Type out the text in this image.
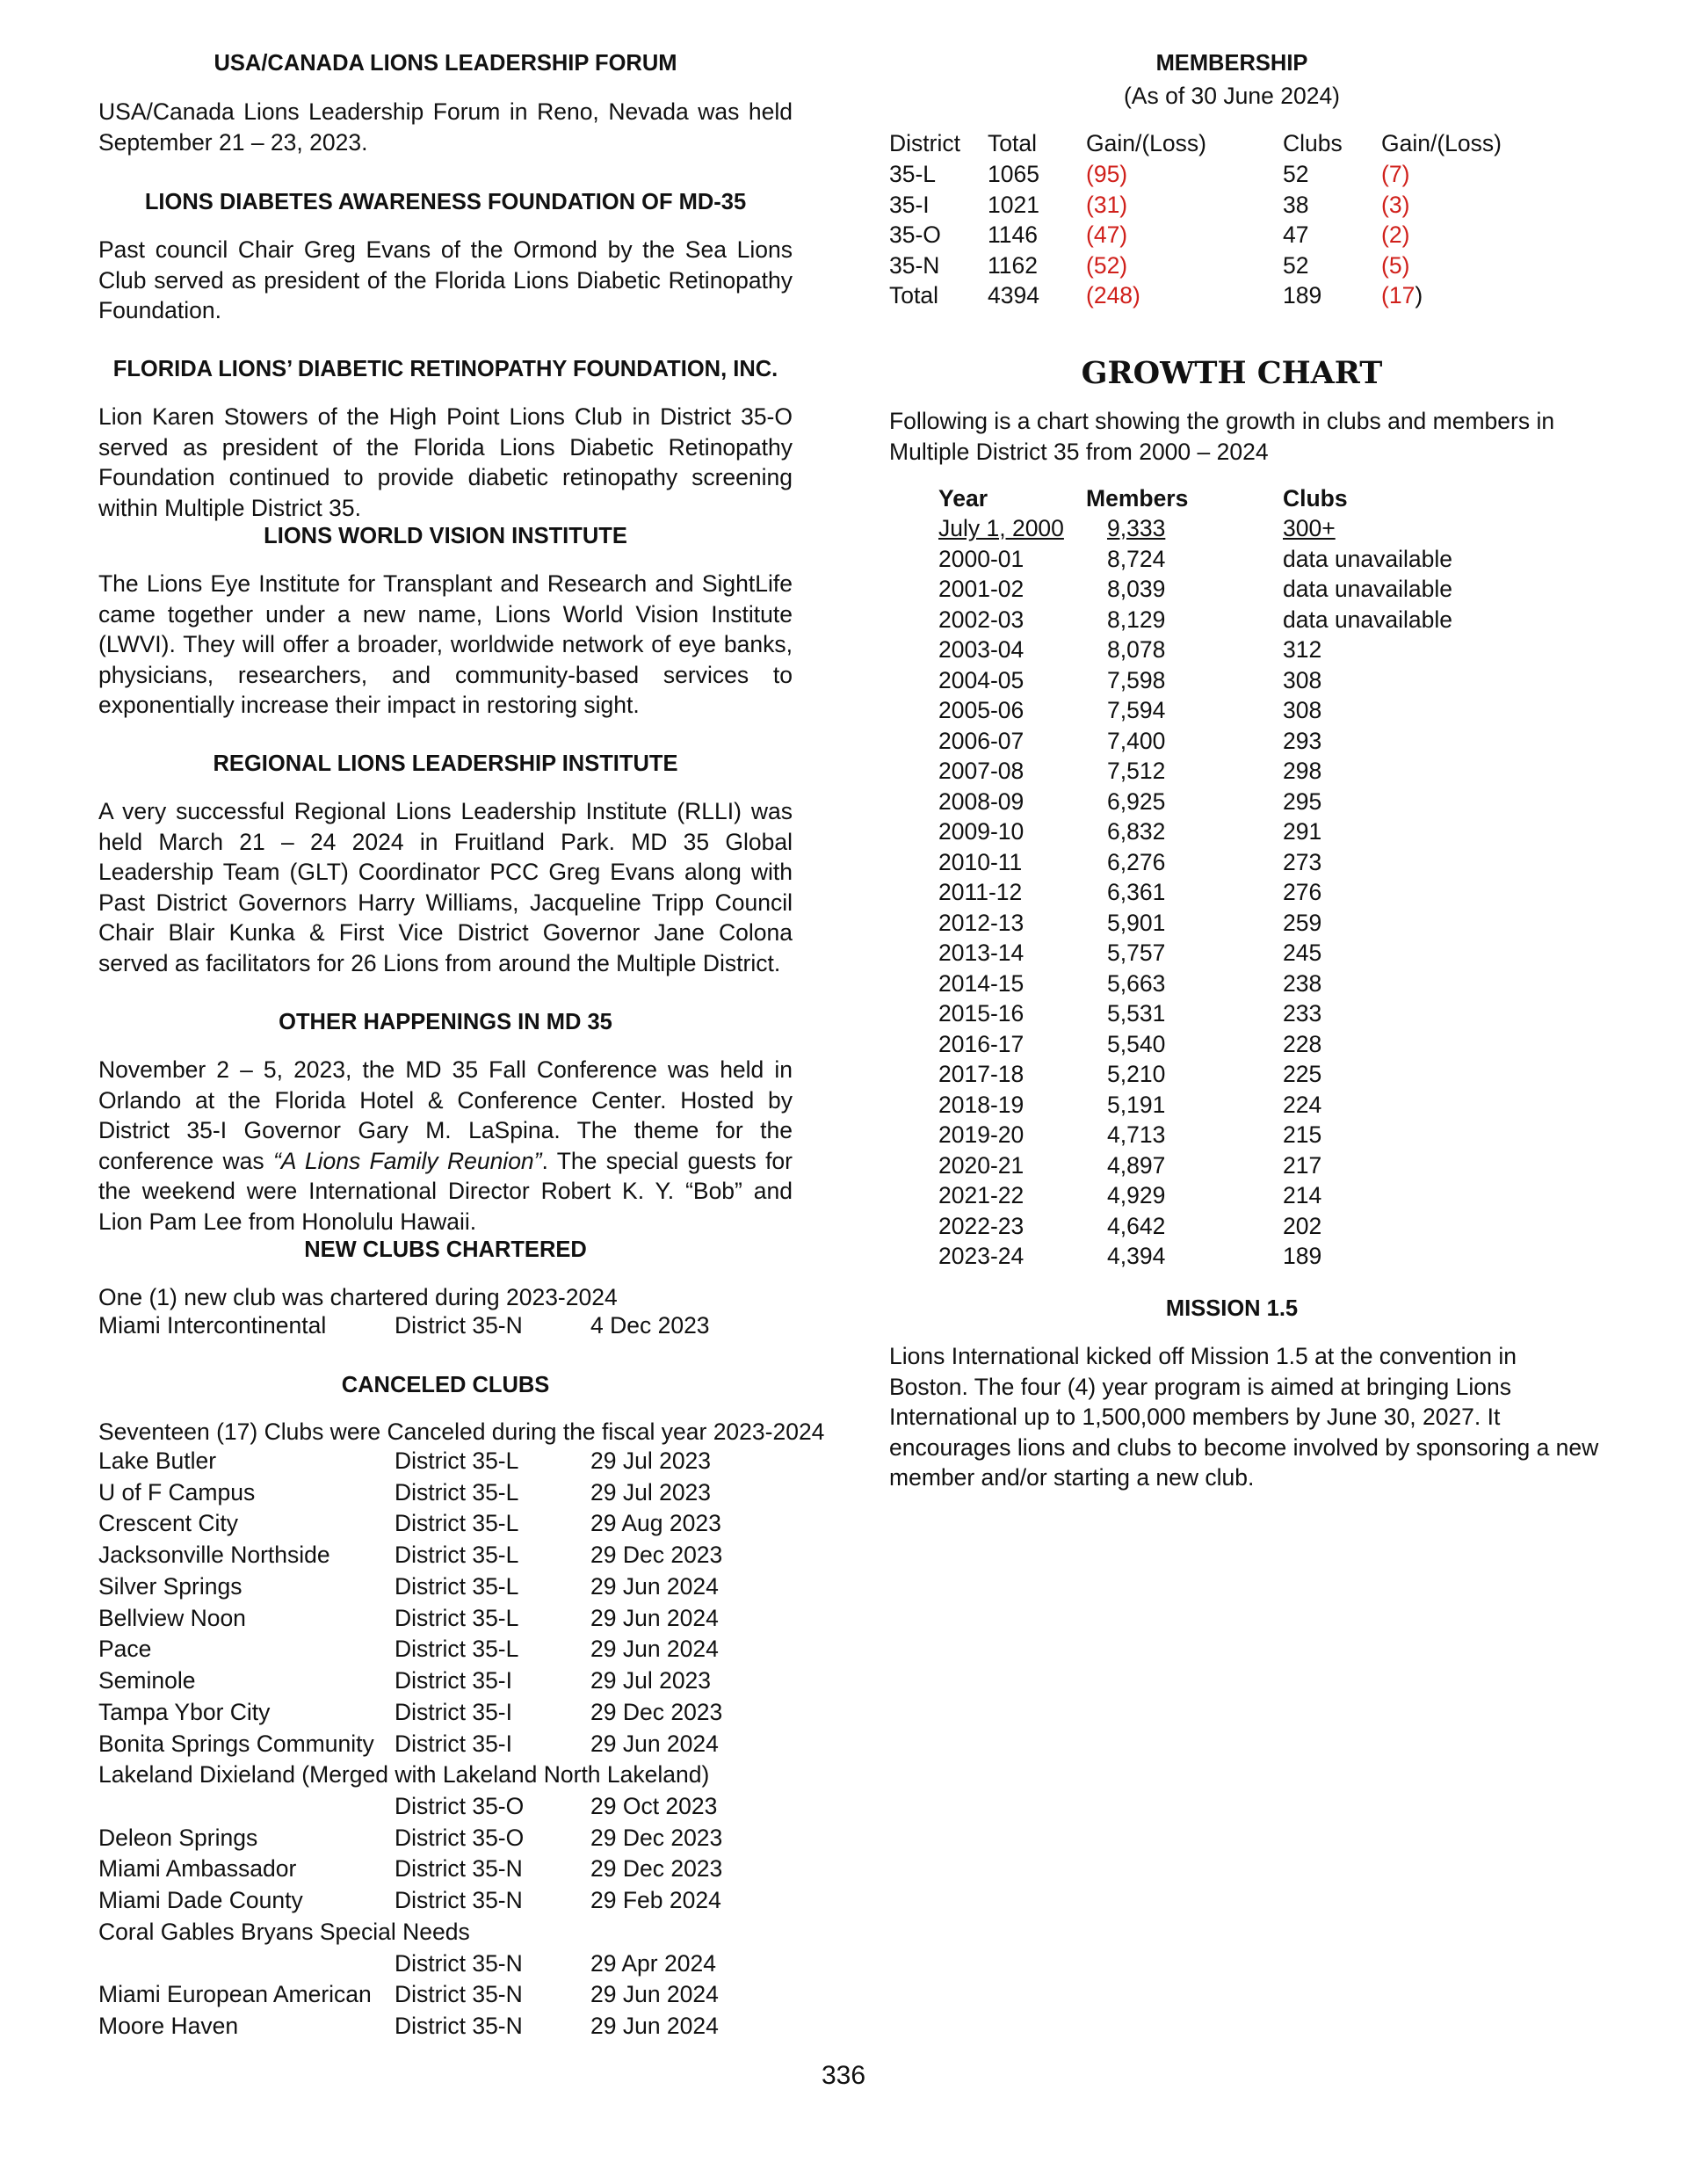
USA/CANADA LIONS LEADERSHIP FORUM
USA/Canada Lions Leadership Forum in Reno, Nevada was held September 21 – 23, 2023.
LIONS DIABETES AWARENESS FOUNDATION OF MD-35
Past council Chair Greg Evans of the Ormond by the Sea Lions Club served as president of the Florida Lions Diabetic Retinopathy Foundation.
FLORIDA LIONS’ DIABETIC RETINOPATHY FOUNDATION, INC.
Lion Karen Stowers of the High Point Lions Club in District 35-O served as president of the Florida Lions Diabetic Retinopathy Foundation continued to provide diabetic retinopathy screening within Multiple District 35.
LIONS WORLD VISION INSTITUTE
The Lions Eye Institute for Transplant and Research and SightLife came together under a new name, Lions World Vision Institute (LWVI). They will offer a broader, worldwide network of eye banks, physicians, researchers, and community-based services to exponentially increase their impact in restoring sight.
REGIONAL LIONS LEADERSHIP INSTITUTE
A very successful Regional Lions Leadership Institute (RLLI) was held March 21 – 24 2024 in Fruitland Park. MD 35 Global Leadership Team (GLT) Coordinator PCC Greg Evans along with Past District Governors Harry Williams, Jacqueline Tripp Council Chair Blair Kunka & First Vice District Governor Jane Colona served as facilitators for 26 Lions from around the Multiple District.
OTHER HAPPENINGS IN MD 35
November 2 – 5, 2023, the MD 35 Fall Conference was held in Orlando at the Florida Hotel & Conference Center. Hosted by District 35-I Governor Gary M. LaSpina. The theme for the conference was “A Lions Family Reunion”. The special guests for the weekend were International Director Robert K. Y. “Bob” and Lion Pam Lee from Honolulu Hawaii.
NEW CLUBS CHARTERED
One (1) new club was chartered during 2023-2024
Miami Intercontinental	District 35-N	4 Dec 2023
CANCELED CLUBS
Seventeen (17) Clubs were Canceled during the fiscal year 2023-2024
Lake Butler	District 35-L	29 Jul 2023
U of F Campus	District 35-L	29 Jul 2023
Crescent City	District 35-L	29 Aug 2023
Jacksonville Northside	District 35-L	29 Dec 2023
Silver Springs	District 35-L	29 Jun 2024
Bellview Noon	District 35-L	29 Jun 2024
Pace	District 35-L	29 Jun 2024
Seminole	District 35-I	29 Jul 2023
Tampa Ybor City	District 35-I	29 Dec 2023
Bonita Springs Community District 35-I	29 Jun 2024
Lakeland Dixieland (Merged with Lakeland North Lakeland)
District 35-O	29 Oct 2023
Deleon Springs	District 35-O	29 Dec 2023
Miami Ambassador	District 35-N	29 Dec 2023
Miami Dade County	District 35-N	29 Feb 2024
Coral Gables Bryans Special Needs
District 35-N	29 Apr 2024
Miami European American District 35-N	29 Jun 2024
Moore Haven	District 35-N	29 Jun 2024
MEMBERSHIP
(As of 30 June 2024)
District Total Gain/(Loss)	Clubs Gain/(Loss)
35-L 1065 (95)	52	(7)
35-I	1021 (31)	38	(3)
35-O 1146 (47)	47	(2)
35-N 1162 (52)	52	(5)
Total 4394 (248)	189	(17)
GROWTH CHART
Following is a chart showing the growth in clubs and members in Multiple District 35 from 2000 – 2024
Year	Members	Clubs
July 1, 2000 9,333	300+
2000-01	8,724	data unavailable
2001-02	8,039	data unavailable
2002-03	8,129	data unavailable
2003-04	8,078	312
2004-05	7,598	308
2005-06	7,594	308
2006-07	7,400	293
2007-08	7,512	298
2008-09	6,925	295
2009-10	6,832	291
2010-11	6,276	273
2011-12	6,361	276
2012-13	5,901	259
2013-14	5,757	245
2014-15	5,663	238
2015-16	5,531	233
2016-17	5,540	228
2017-18	5,210	225
2018-19	5,191	224
2019-20	4,713	215
2020-21	4,897	217
2021-22	4,929	214
2022-23	4,642	202
2023-24	4,394	189
MISSION 1.5
Lions International kicked off Mission 1.5 at the convention in
Boston. The four (4) year program is aimed at bringing Lions
International up to 1,500,000 members by June 30, 2027. It
encourages lions and clubs to become involved by sponsoring a new
member and/or starting a new club.
336
